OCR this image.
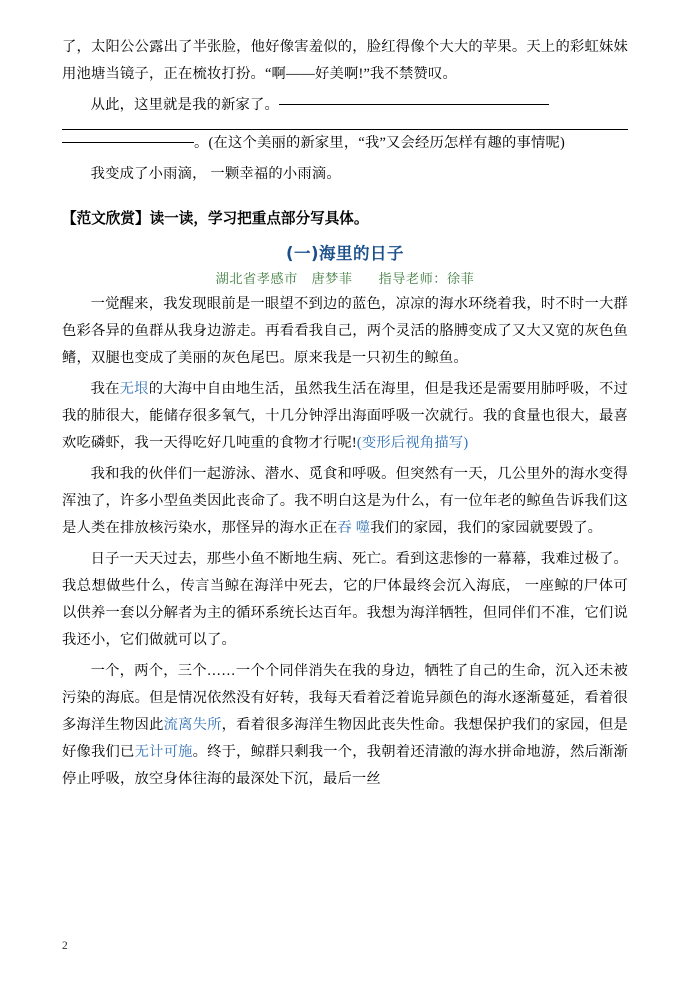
了，太阳公公露出了半张脸，他好像害羞似的，脸红得像个大大的苹果。天上的彩虹妹妹用池塘当镜子，正在梳妆打扮。“啊——好美啊!”我不禁赞叹。

从此，这里就是我的新家了。

。(在这个美丽的新家里，“我”又会经历怎样有趣的事情呢)

我变成了小雨滴， 一颗幸福的小雨滴。

【范文欣赏】读一读，学习把重点部分写具体。

(一)海里的日子

湖北省孝感市　唐梦菲 指导老师：徐菲

一觉醒来，我发现眼前是一眼望不到边的蓝色，凉凉的海水环绕着我，时不时一大群色彩各异的鱼群从我身边游走。再看看我自己，两个灵活的胳膊变成了又大又宽的灰色鱼鳍，双腿也变成了美丽的灰色尾巴。原来我是一只初生的鲸鱼。

我在无垠的大海中自由地生活，虽然我生活在海里，但是我还是需要用肺呼吸，不过我的肺很大，能储存很多氧气，十几分钟浮出海面呼吸一次就行。我的食量也很大，最喜欢吃磷虾，我一天得吃好几吨重的食物才行呢!(变形后视角描写)

我和我的伙伴们一起游泳、潜水、觅食和呼吸。但突然有一天，几公里外的海水变得浑浊了，许多小型鱼类因此丧命了。我不明白这是为什么，有一位年老的鲸鱼告诉我们这是人类在排放核污染水，那怪异的海水正在吞 噬我们的家园，我们的家园就要毁了。

日子一天天过去，那些小鱼不断地生病、死亡。看到这悲惨的一幕幕，我难过极了。我总想做些什么，传言当鲸在海洋中死去，它的尸体最终会沉入海底， 一座鲸的尸体可以供养一套以分解者为主的循环系统长达百年。我想为海洋牺牲，但同伴们不准，它们说我还小，它们做就可以了。

一个，两个，三个……一个个同伴消失在我的身边，牺牲了自己的生命，沉入还未被污染的海底。但是情况依然没有好转，我每天看着泛着诡异颜色的海水逐渐蔓延，看着很多海洋生物因此流离失所，看着很多海洋生物因此丧失性命。我想保护我们的家园，但是好像我们已无计可施。终于，鲸群只剩我一个，我朝着还清澈的海水拼命地游，然后渐渐停止呼吸，放空身体往海的最深处下沉，最后一丝

2
